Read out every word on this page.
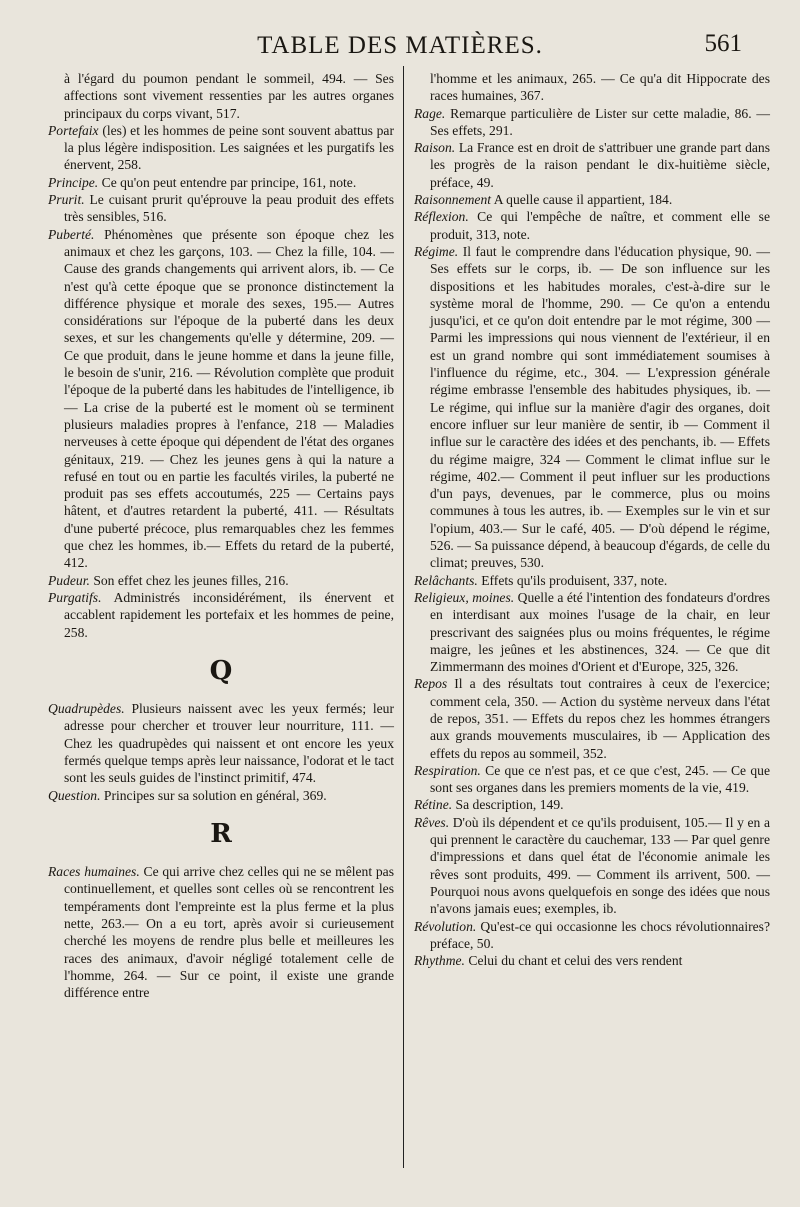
TABLE DES MATIÈRES.	561
à l'égard du poumon pendant le sommeil, 494. — Ses affections sont vivement ressenties par les autres organes principaux du corps vivant, 517.
Portefaix (les) et les hommes de peine sont souvent abattus par la plus légère indisposition. Les saignées et les purgatifs les énervent, 258.
Principe. Ce qu'on peut entendre par principe, 161, note.
Prurit. Le cuisant prurit qu'éprouve la peau produit des effets très sensibles, 516.
Puberté. Phénomènes que présente son époque chez les animaux et chez les garçons, 103. — Chez la fille, 104. — Cause des grands changements qui arrivent alors, ib. — Ce n'est qu'à cette époque que se prononce distinctement la différence physique et morale des sexes, 195.— Autres considérations sur l'époque de la puberté dans les deux sexes, et sur les changements qu'elle y détermine, 209. — Ce que produit, dans le jeune homme et dans la jeune fille, le besoin de s'unir, 216. — Révolution complète que produit l'époque de la puberté dans les habitudes de l'intelligence, ib — La crise de la puberté est le moment où se terminent plusieurs maladies propres à l'enfance, 218 — Maladies nerveuses à cette époque qui dépendent de l'état des organes génitaux, 219. — Chez les jeunes gens à qui la nature a refusé en tout ou en partie les facultés viriles, la puberté ne produit pas ses effets accoutumés, 225 — Certains pays hâtent, et d'autres retardent la puberté, 411. — Résultats d'une puberté précoce, plus remarquables chez les femmes que chez les hommes, ib.— Effets du retard de la puberté, 412.
Pudeur. Son effet chez les jeunes filles, 216.
Purgatifs. Administrés inconsidérément, ils énervent et accablent rapidement les portefaix et les hommes de peine, 258.
Q
Quadrupèdes. Plusieurs naissent avec les yeux fermés; leur adresse pour chercher et trouver leur nourriture, 111. — Chez les quadrupèdes qui naissent et ont encore les yeux fermés quelque temps après leur naissance, l'odorat et le tact sont les seuls guides de l'instinct primitif, 474.
Question. Principes sur sa solution en général, 369.
R
Races humaines. Ce qui arrive chez celles qui ne se mêlent pas continuellement, et quelles sont celles où se rencontrent les tempéraments dont l'empreinte est la plus ferme et la plus nette, 263.— On a eu tort, après avoir si curieusement cherché les moyens de rendre plus belle et meilleures les races des animaux, d'avoir négligé totalement celle de l'homme, 264. — Sur ce point, il existe une grande différence entre
l'homme et les animaux, 265. — Ce qu'a dit Hippocrate des races humaines, 367.
Rage. Remarque particulière de Lister sur cette maladie, 86. — Ses effets, 291.
Raison. La France est en droit de s'attribuer une grande part dans les progrès de la raison pendant le dix-huitième siècle, préface, 49.
Raisonnement A quelle cause il appartient, 184.
Réflexion. Ce qui l'empêche de naître, et comment elle se produit, 313, note.
Régime. Il faut le comprendre dans l'éducation physique, 90. — Ses effets sur le corps, ib. — De son influence sur les dispositions et les habitudes morales, c'est-à-dire sur le système moral de l'homme, 290. — Ce qu'on a entendu jusqu'ici, et ce qu'on doit entendre par le mot régime, 300 — Parmi les impressions qui nous viennent de l'extérieur, il en est un grand nombre qui sont immédiatement soumises à l'influence du régime, etc., 304. — L'expression générale régime embrasse l'ensemble des habitudes physiques, ib. — Le régime, qui influe sur la manière d'agir des organes, doit encore influer sur leur manière de sentir, ib — Comment il influe sur le caractère des idées et des penchants, ib. — Effets du régime maigre, 324 — Comment le climat influe sur le régime, 402.— Comment il peut influer sur les productions d'un pays, devenues, par le commerce, plus ou moins communes à tous les autres, ib. — Exemples sur le vin et sur l'opium, 403.— Sur le café, 405. — D'où dépend le régime, 526. — Sa puissance dépend, à beaucoup d'égards, de celle du climat; preuves, 530.
Relâchants. Effets qu'ils produisent, 337, note.
Religieux, moines. Quelle a été l'intention des fondateurs d'ordres en interdisant aux moines l'usage de la chair, en leur prescrivant des saignées plus ou moins fréquentes, le régime maigre, les jeûnes et les abstinences, 324. — Ce que dit Zimmermann des moines d'Orient et d'Europe, 325, 326.
Repos Il a des résultats tout contraires à ceux de l'exercice; comment cela, 350. — Action du système nerveux dans l'état de repos, 351. — Effets du repos chez les hommes étrangers aux grands mouvements musculaires, ib — Application des effets du repos au sommeil, 352.
Respiration. Ce que ce n'est pas, et ce que c'est, 245. — Ce que sont ses organes dans les premiers moments de la vie, 419.
Rétine. Sa description, 149.
Rêves. D'où ils dépendent et ce qu'ils produisent, 105.— Il y en a qui prennent le caractère du cauchemar, 133 — Par quel genre d'impressions et dans quel état de l'économie animale les rêves sont produits, 499. — Comment ils arrivent, 500. — Pourquoi nous avons quelquefois en songe des idées que nous n'avons jamais eues; exemples, ib.
Révolution. Qu'est-ce qui occasionne les chocs révolutionnaires? préface, 50.
Rhythme. Celui du chant et celui des vers rendent
